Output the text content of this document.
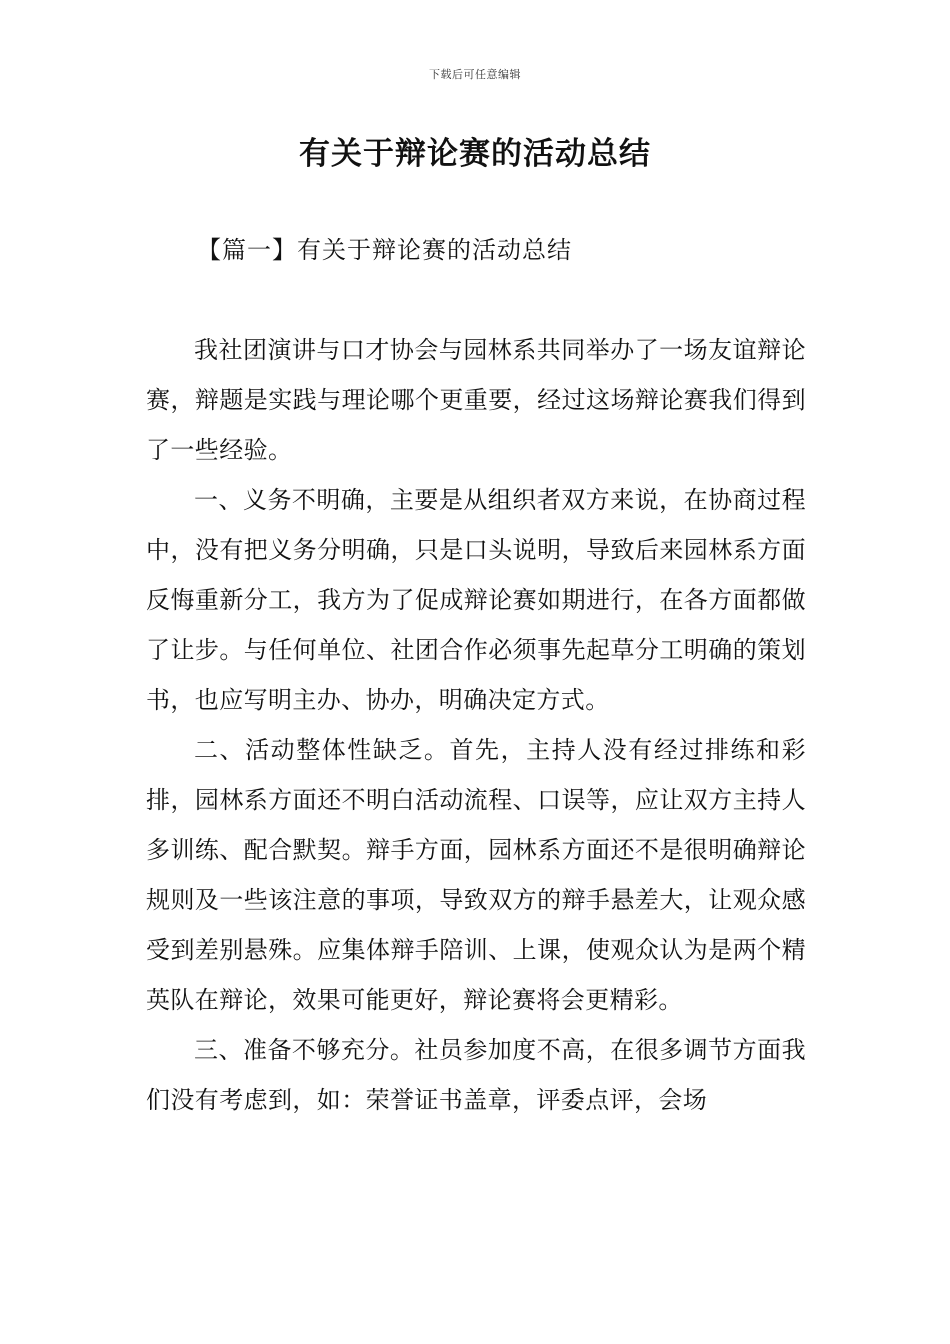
下载后可任意编辑
有关于辩论赛的活动总结
【篇一】有关于辩论赛的活动总结

我社团演讲与口才协会与园林系共同举办了一场友谊辩论赛，辩题是实践与理论哪个更重要，经过这场辩论赛我们得到了一些经验。

一、义务不明确，主要是从组织者双方来说，在协商过程中，没有把义务分明确，只是口头说明，导致后来园林系方面反悔重新分工，我方为了促成辩论赛如期进行，在各方面都做了让步。与任何单位、社团合作必须事先起草分工明确的策划书，也应写明主办、协办，明确决定方式。

二、活动整体性缺乏。首先，主持人没有经过排练和彩排，园林系方面还不明白活动流程、口误等，应让双方主持人多训练、配合默契。辩手方面，园林系方面还不是很明确辩论规则及一些该注意的事项，导致双方的辩手悬差大，让观众感受到差别悬殊。应集体辩手陪训、上课，使观众认为是两个精英队在辩论，效果可能更好，辩论赛将会更精彩。

三、准备不够充分。社员参加度不高，在很多调节方面我们没有考虑到，如：荣誉证书盖章，评委点评，会场
